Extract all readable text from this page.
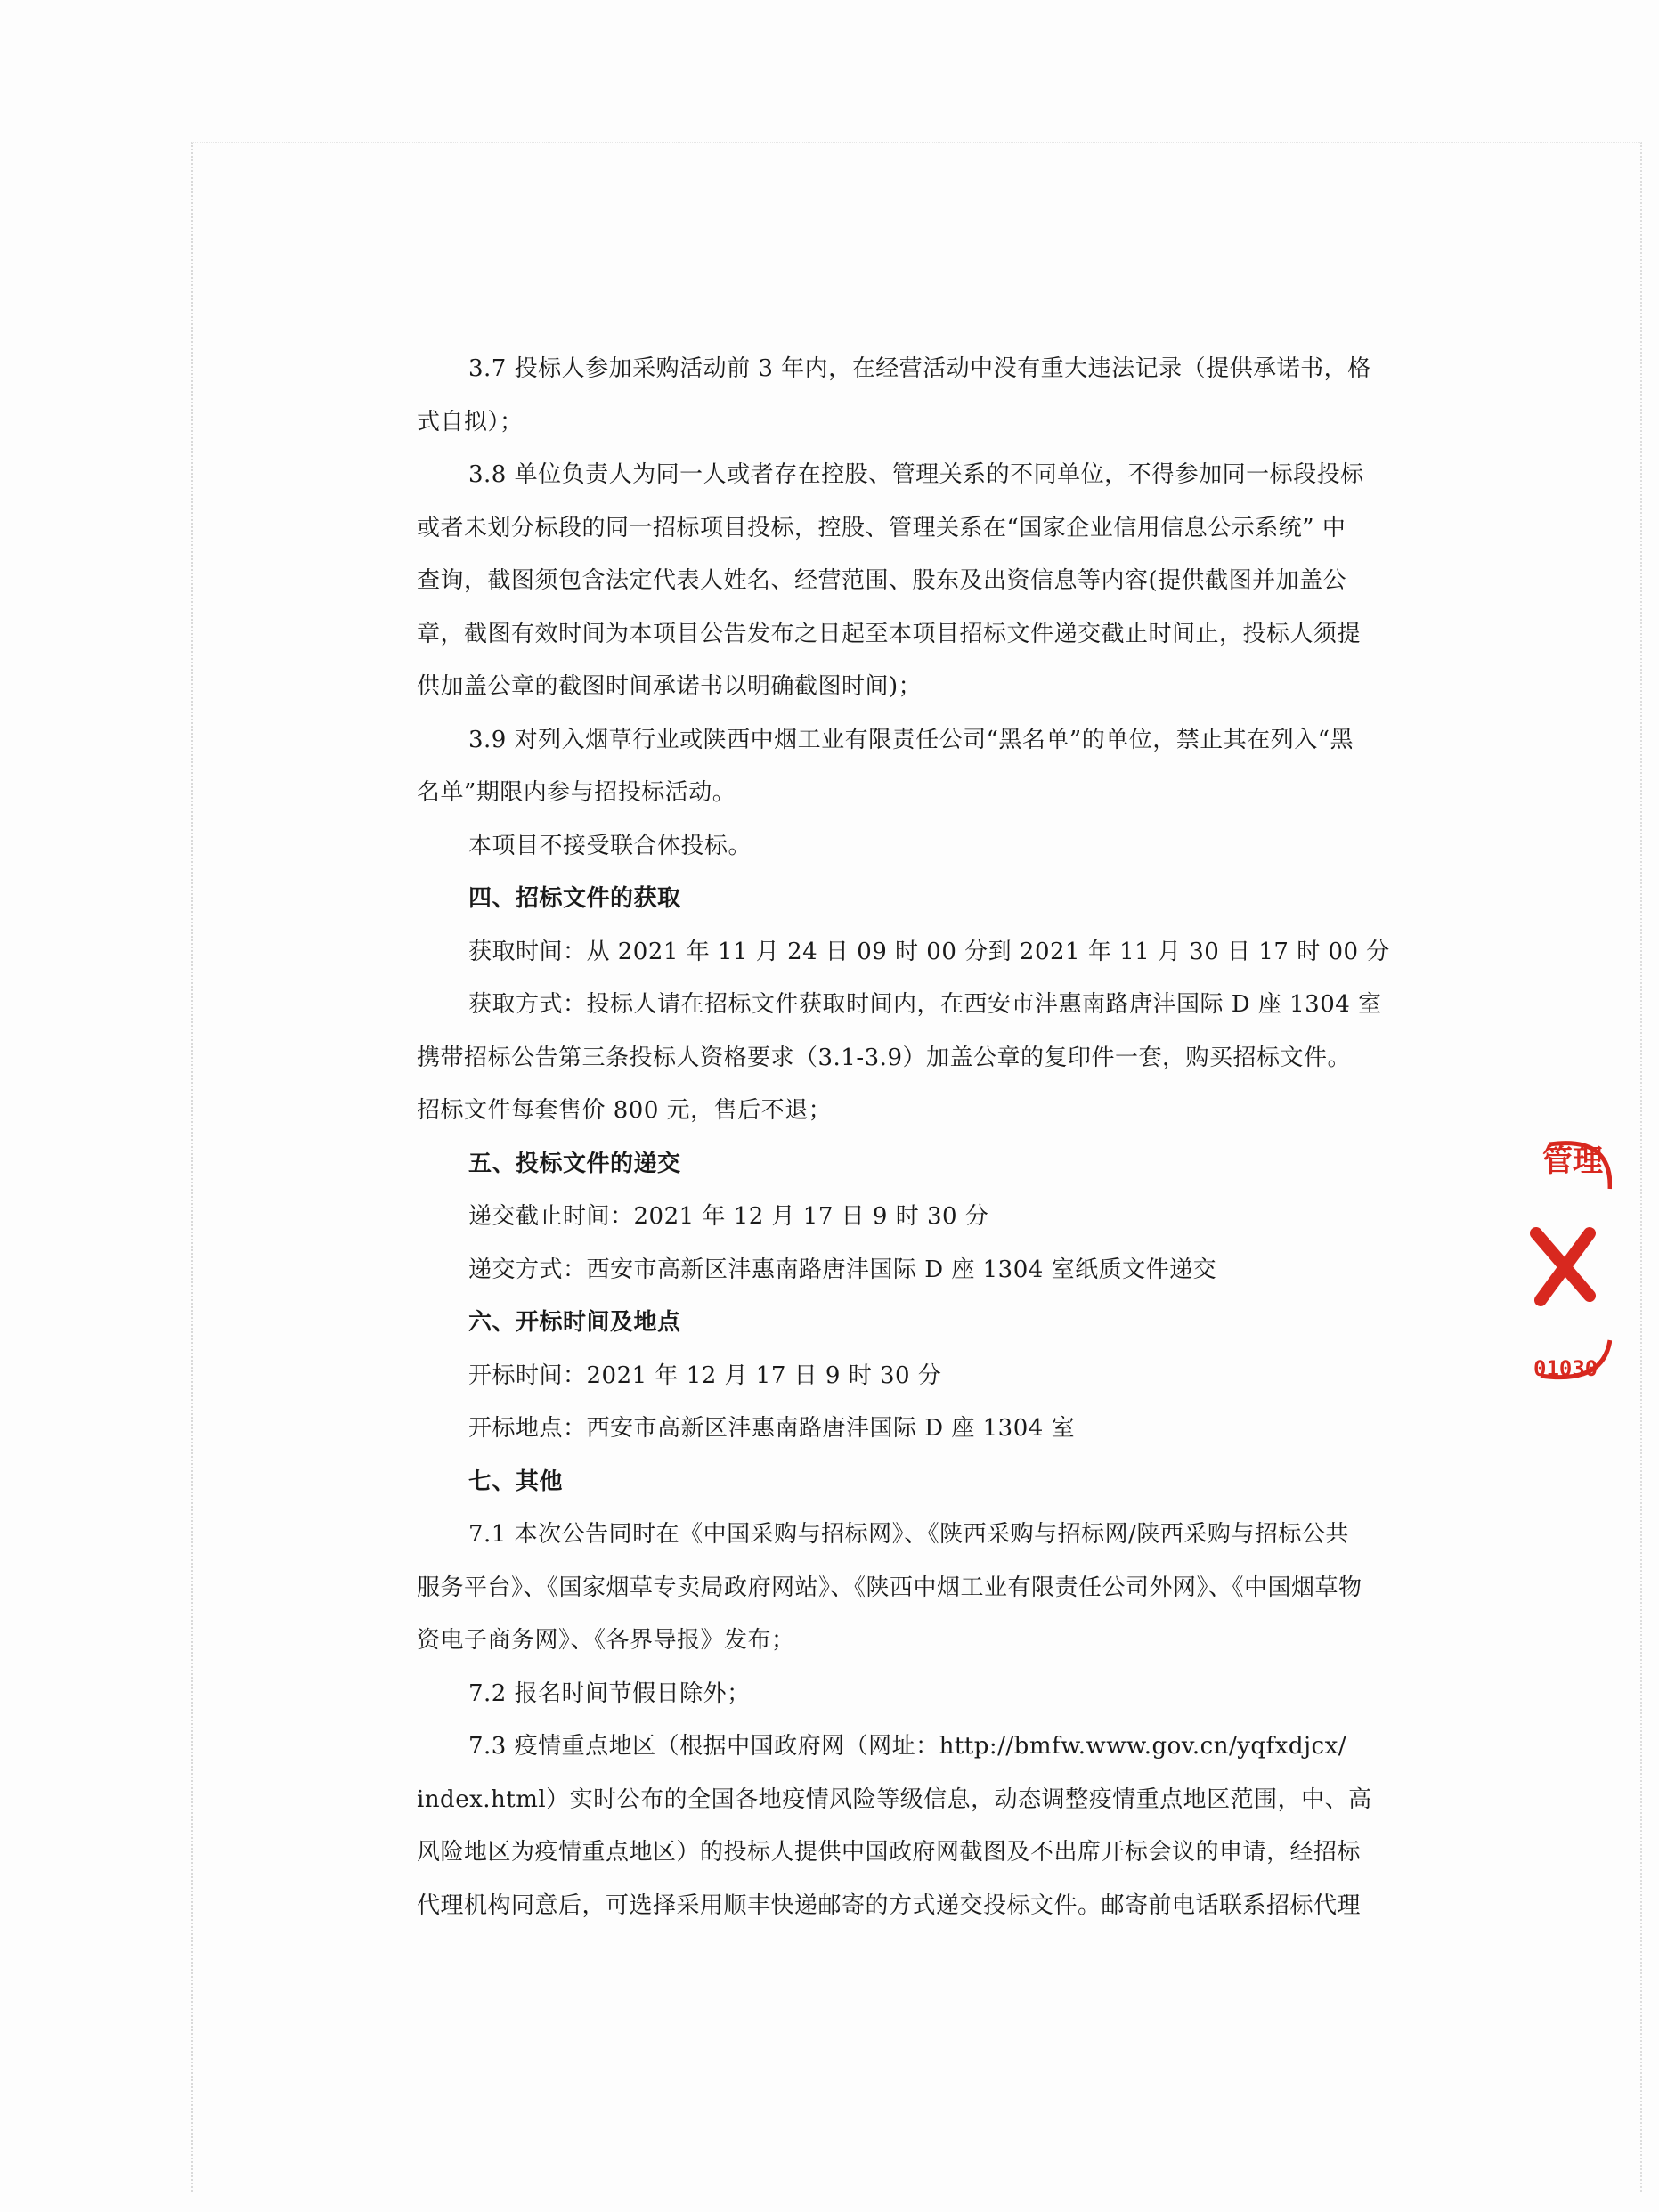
3.7 投标人参加采购活动前 3 年内，在经营活动中没有重大违法记录（提供承诺书，格
式自拟）；
3.8 单位负责人为同一人或者存在控股、管理关系的不同单位，不得参加同一标段投标
或者未划分标段的同一招标项目投标，控股、管理关系在“国家企业信用信息公示系统” 中
查询，截图须包含法定代表人姓名、经营范围、股东及出资信息等内容(提供截图并加盖公
章，截图有效时间为本项目公告发布之日起至本项目招标文件递交截止时间止，投标人须提
供加盖公章的截图时间承诺书以明确截图时间)；
3.9 对列入烟草行业或陕西中烟工业有限责任公司“黑名单”的单位，禁止其在列入“黑
名单”期限内参与招投标活动。
本项目不接受联合体投标。
四、招标文件的获取
获取时间：从 2021 年 11 月 24 日 09 时 00 分到 2021 年 11 月 30 日 17 时 00 分
获取方式：投标人请在招标文件获取时间内，在西安市沣惠南路唐沣国际 D 座 1304 室
携带招标公告第三条投标人资格要求（3.1-3.9）加盖公章的复印件一套，购买招标文件。
招标文件每套售价 800 元，售后不退；
五、投标文件的递交
递交截止时间：2021 年 12 月 17 日 9 时 30 分
递交方式：西安市高新区沣惠南路唐沣国际 D 座 1304 室纸质文件递交
六、开标时间及地点
开标时间：2021 年 12 月 17 日 9 时 30 分
开标地点：西安市高新区沣惠南路唐沣国际 D 座 1304 室
七、其他
7.1 本次公告同时在《中国采购与招标网》、《陕西采购与招标网/陕西采购与招标公共
服务平台》、《国家烟草专卖局政府网站》、《陕西中烟工业有限责任公司外网》、《中国烟草物
资电子商务网》、《各界导报》发布；
7.2 报名时间节假日除外；
7.3 疫情重点地区（根据中国政府网（网址：http://bmfw.www.gov.cn/yqfxdjcx/
index.html）实时公布的全国各地疫情风险等级信息，动态调整疫情重点地区范围，中、高
风险地区为疫情重点地区）的投标人提供中国政府网截图及不出席开标会议的申请，经招标
代理机构同意后，可选择采用顺丰快递邮寄的方式递交投标文件。邮寄前电话联系招标代理
管理
01030
